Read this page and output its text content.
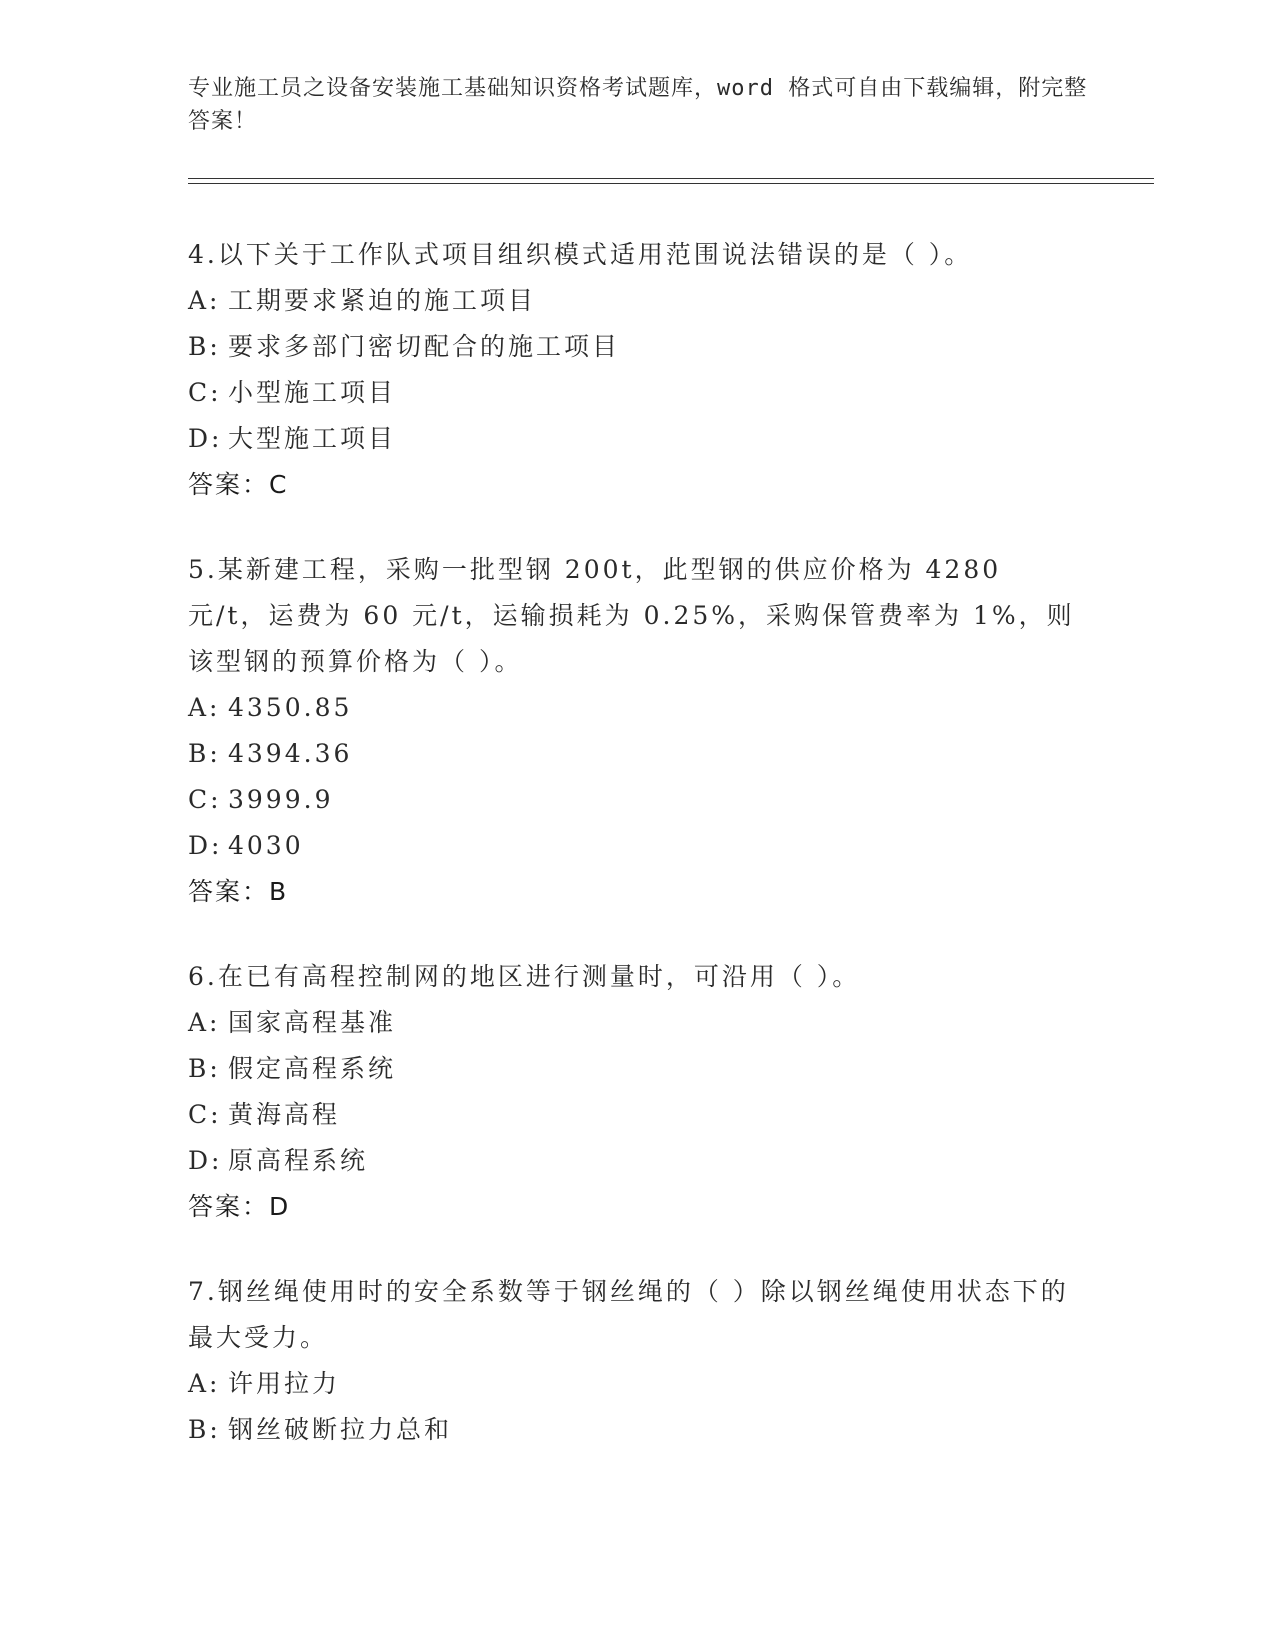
专业施工员之设备安装施工基础知识资格考试题库，word 格式可自由下载编辑，附完整答案！
4.以下关于工作队式项目组织模式适用范围说法错误的是（ ）。
A: 工期要求紧迫的施工项目
B: 要求多部门密切配合的施工项目
C: 小型施工项目
D: 大型施工项目
答案：C
5.某新建工程，采购一批型钢 200t，此型钢的供应价格为 4280 元/t，运费为 60 元/t，运输损耗为 0.25%，采购保管费率为 1%，则该型钢的预算价格为（ ）。
A: 4350.85
B: 4394.36
C: 3999.9
D: 4030
答案：B
6.在已有高程控制网的地区进行测量时，可沿用（ ）。
A: 国家高程基准
B: 假定高程系统
C: 黄海高程
D: 原高程系统
答案：D
7.钢丝绳使用时的安全系数等于钢丝绳的（ ）除以钢丝绳使用状态下的最大受力。
A: 许用拉力
B: 钢丝破断拉力总和
